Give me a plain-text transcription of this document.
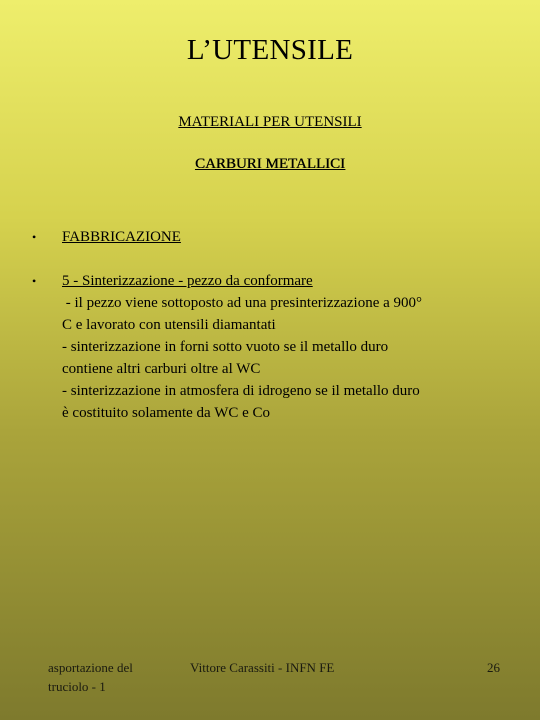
L’UTENSILE
MATERIALI PER UTENSILI
CARBURI METALLICI
• FABBRICAZIONE
• 5 - Sinterizzazione - pezzo da conformare
- il pezzo viene sottoposto ad una presinterizzazione a 900°
C e lavorato con utensili diamantati
- sinterizzazione in forni sotto vuoto se il metallo duro
contiene altri carburi oltre al WC
- sinterizzazione in atmosfera di idrogeno se il metallo duro
è costituito solamente da WC e Co
asportazione del
truciolo - 1
Vittore Carassiti - INFN FE	26
